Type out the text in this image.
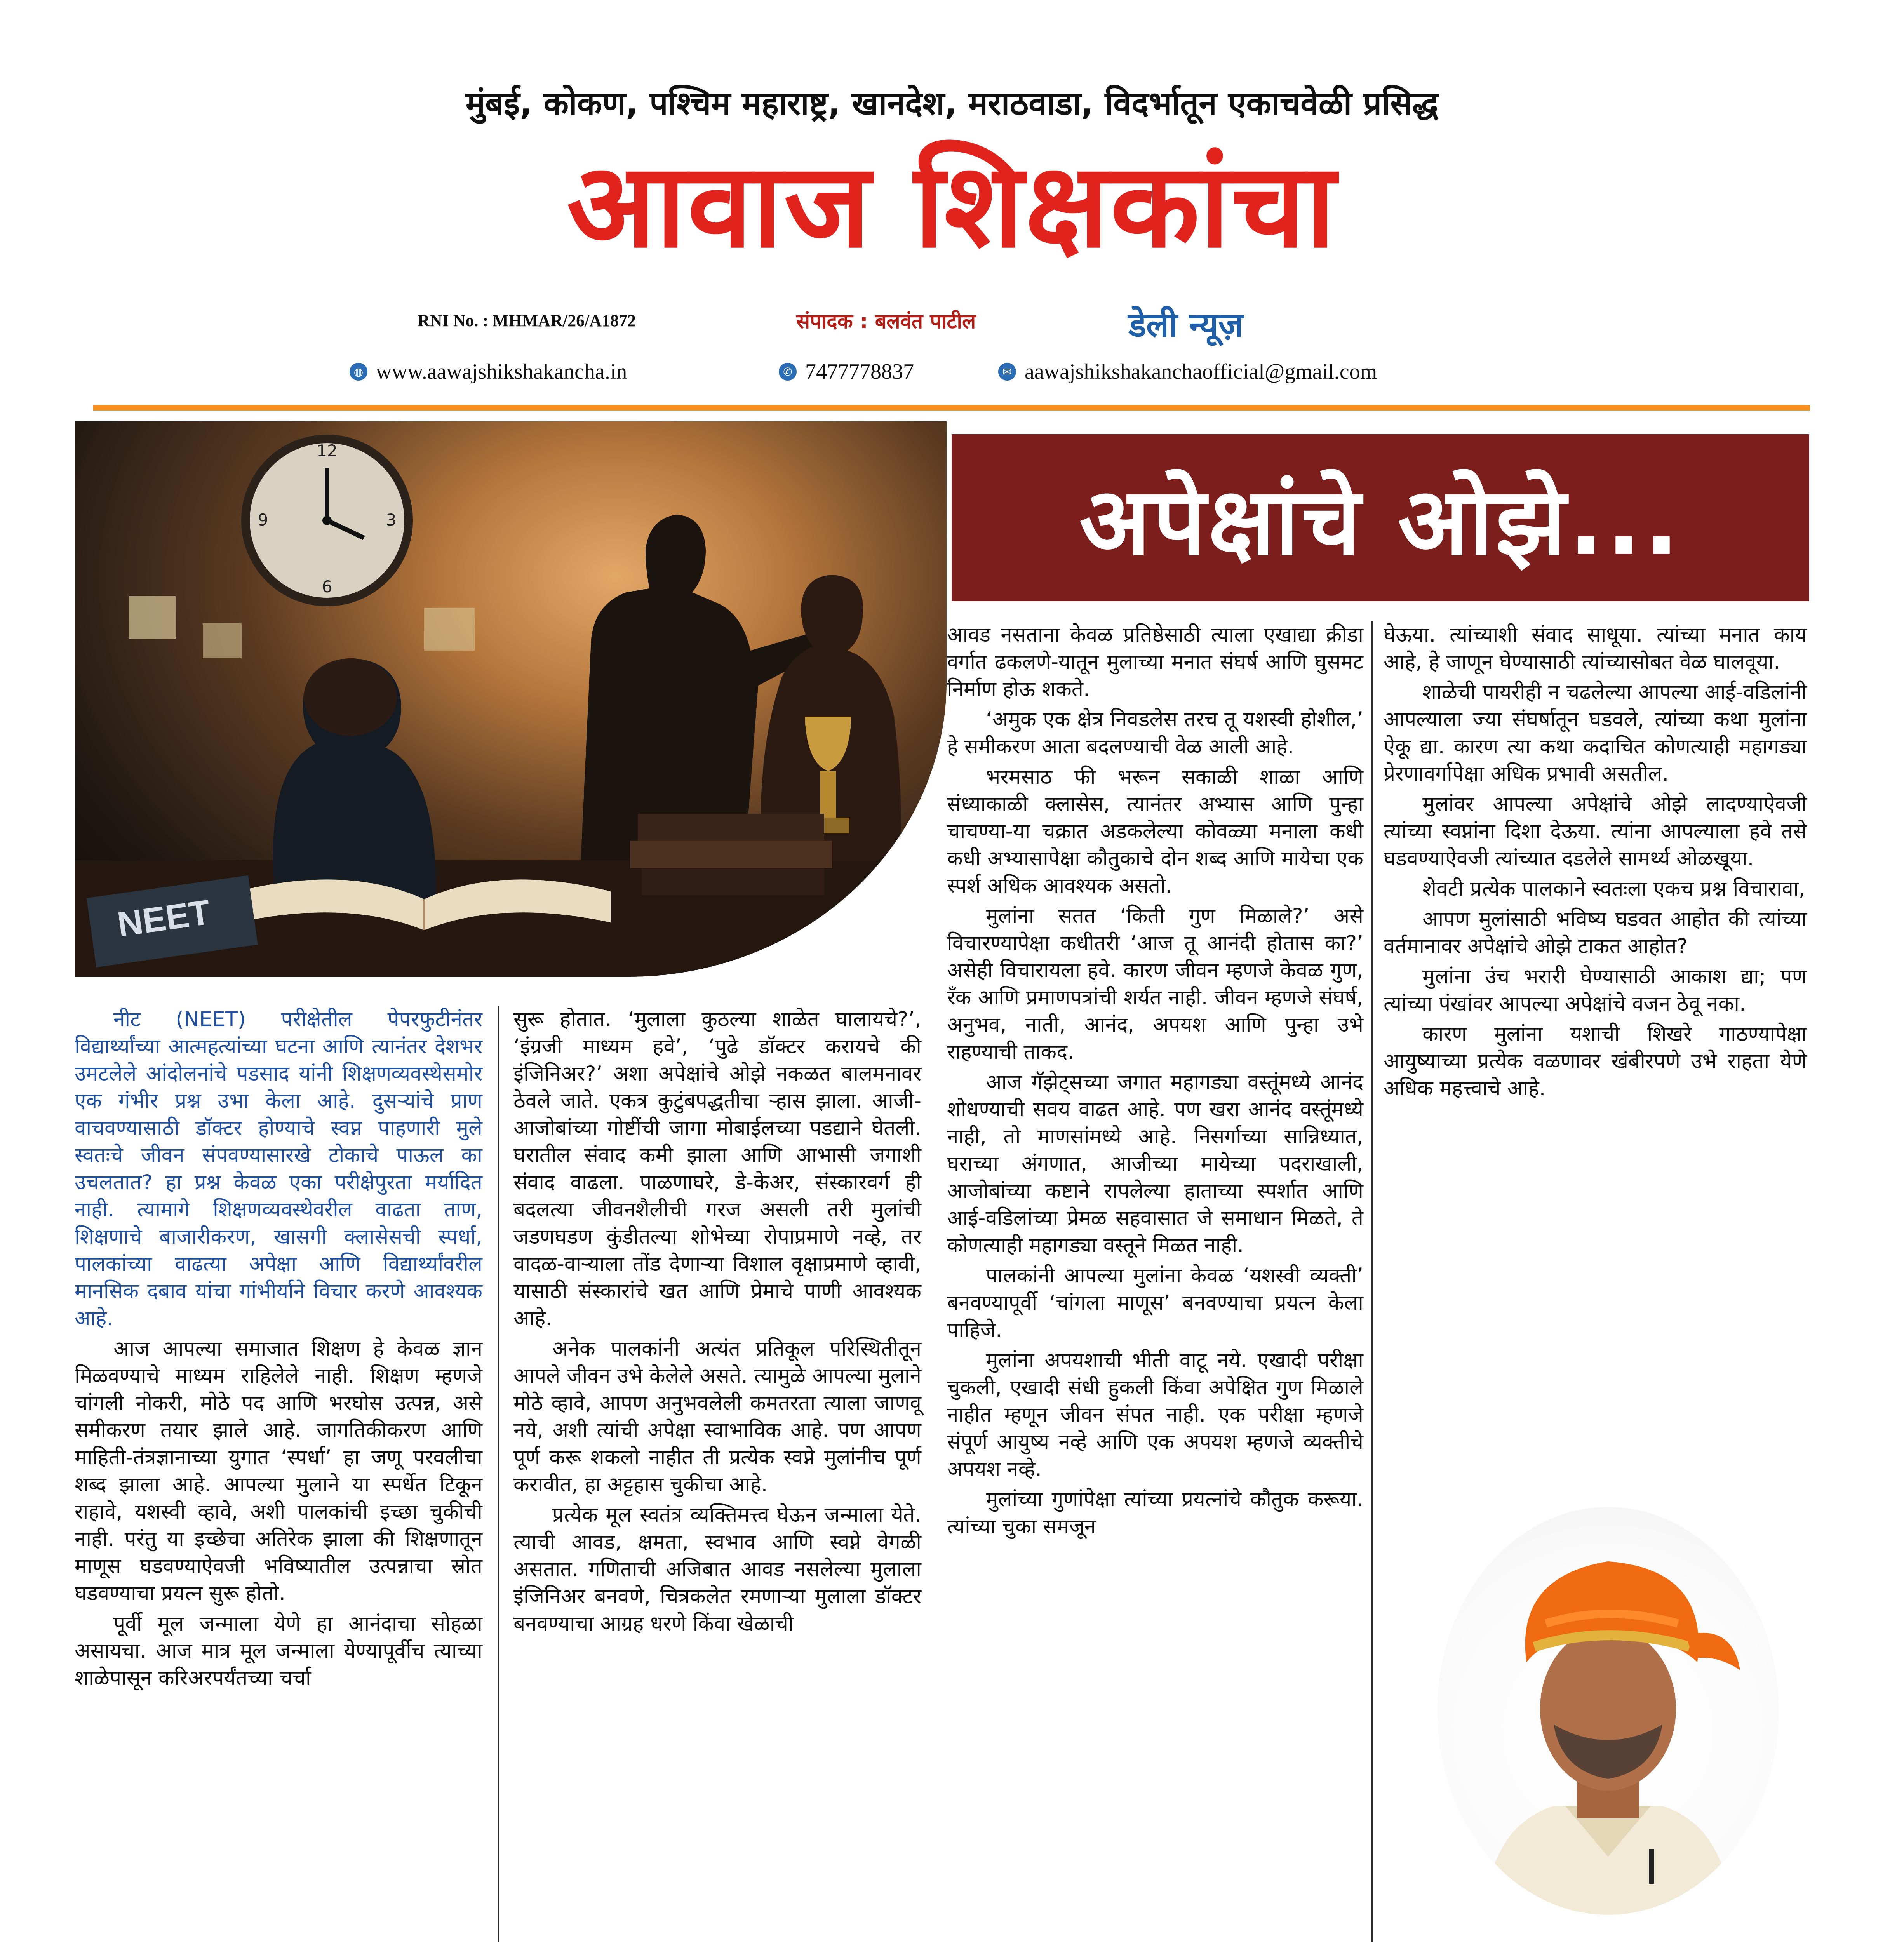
मुंबई, कोकण, पश्चिम महाराष्ट्र, खानदेश, मराठवाडा, विदर्भातून एकाचवेळी प्रसिद्ध
आवाज शिक्षकांचा
RNI No. : MHMAR/26/A1872	संपादक : बलवंत पाटील	डेली न्यूज़
◍ www.aawajshikshakancha.in	✆ 7477778837	✉ aawajshikshakanchaofficial@gmail.com
12
3
6
9
NEET
अपेक्षांचे ओझे...

नीट (NEET) परीक्षेतील पेपरफुटीनंतर विद्यार्थ्यांच्या आत्महत्यांच्या घटना आणि त्यानंतर देशभर उमटलेले आंदोलनांचे पडसाद यांनी शिक्षणव्यवस्थेसमोर एक गंभीर प्रश्न उभा केला आहे. दुसऱ्यांचे प्राण वाचवण्यासाठी डॉक्टर होण्याचे स्वप्न पाहणारी मुले स्वतःचे जीवन संपवण्यासारखे टोकाचे पाऊल का उचलतात? हा प्रश्न केवळ एका परीक्षेपुरता मर्यादित नाही. त्यामागे शिक्षणव्यवस्थेवरील वाढता ताण, शिक्षणाचे बाजारीकरण, खासगी क्लासेसची स्पर्धा, पालकांच्या वाढत्या अपेक्षा आणि विद्यार्थ्यांवरील मानसिक दबाव यांचा गांभीर्याने विचार करणे आवश्यक आहे.

आज आपल्या समाजात शिक्षण हे केवळ ज्ञान मिळवण्याचे माध्यम राहिलेले नाही. शिक्षण म्हणजे चांगली नोकरी, मोठे पद आणि भरघोस उत्पन्न, असे समीकरण तयार झाले आहे. जागतिकीकरण आणि माहिती-तंत्रज्ञानाच्या युगात ‘स्पर्धा’ हा जणू परवलीचा शब्द झाला आहे. आपल्या मुलाने या स्पर्धेत टिकून राहावे, यशस्वी व्हावे, अशी पालकांची इच्छा चुकीची नाही. परंतु या इच्छेचा अतिरेक झाला की शिक्षणातून माणूस घडवण्याऐवजी भविष्यातील उत्पन्नाचा स्रोत घडवण्याचा प्रयत्न सुरू होतो.

पूर्वी मूल जन्माला येणे हा आनंदाचा सोहळा असायचा. आज मात्र मूल जन्माला येण्यापूर्वीच त्याच्या शाळेपासून करिअरपर्यंतच्या चर्चा

सुरू होतात. ‘मुलाला कुठल्या शाळेत घालायचे?’, ‘इंग्रजी माध्यम हवे’, ‘पुढे डॉक्टर करायचे की इंजिनिअर?’ अशा अपेक्षांचे ओझे नकळत बालमनावर ठेवले जाते. एकत्र कुटुंबपद्धतीचा ऱ्हास झाला. आजी-आजोबांच्या गोष्टींची जागा मोबाईलच्या पडद्याने घेतली. घरातील संवाद कमी झाला आणि आभासी जगाशी संवाद वाढला. पाळणाघरे, डे-केअर, संस्कारवर्ग ही बदलत्या जीवनशैलीची गरज असली तरी मुलांची जडणघडण कुंडीतल्या शोभेच्या रोपाप्रमाणे नव्हे, तर वादळ-वाऱ्याला तोंड देणाऱ्या विशाल वृक्षाप्रमाणे व्हावी, यासाठी संस्कारांचे खत आणि प्रेमाचे पाणी आवश्यक आहे.

अनेक पालकांनी अत्यंत प्रतिकूल परिस्थितीतून आपले जीवन उभे केलेले असते. त्यामुळे आपल्या मुलाने मोठे व्हावे, आपण अनुभवलेली कमतरता त्याला जाणवू नये, अशी त्यांची अपेक्षा स्वाभाविक आहे. पण आपण पूर्ण करू शकलो नाहीत ती प्रत्येक स्वप्ने मुलांनीच पूर्ण करावीत, हा अट्टहास चुकीचा आहे.

प्रत्येक मूल स्वतंत्र व्यक्तिमत्त्व घेऊन जन्माला येते. त्याची आवड, क्षमता, स्वभाव आणि स्वप्ने वेगळी असतात. गणिताची अजिबात आवड नसलेल्या मुलाला इंजिनिअर बनवणे, चित्रकलेत रमणाऱ्या मुलाला डॉक्टर बनवण्याचा आग्रह धरणे किंवा खेळाची

आवड नसताना केवळ प्रतिष्ठेसाठी त्याला एखाद्या क्रीडा वर्गात ढकलणे-यातून मुलाच्या मनात संघर्ष आणि घुसमट निर्माण होऊ शकते.

‘अमुक एक क्षेत्र निवडलेस तरच तू यशस्वी होशील,’ हे समीकरण आता बदलण्याची वेळ आली आहे.

भरमसाठ फी भरून सकाळी शाळा आणि संध्याकाळी क्लासेस, त्यानंतर अभ्यास आणि पुन्हा चाचण्या-या चक्रात अडकलेल्या कोवळ्या मनाला कधी कधी अभ्यासापेक्षा कौतुकाचे दोन शब्द आणि मायेचा एक स्पर्श अधिक आवश्यक असतो.

मुलांना सतत ‘किती गुण मिळाले?’ असे विचारण्यापेक्षा कधीतरी ‘आज तू आनंदी होतास का?’ असेही विचारायला हवे. कारण जीवन म्हणजे केवळ गुण, रँक आणि प्रमाणपत्रांची शर्यत नाही. जीवन म्हणजे संघर्ष, अनुभव, नाती, आनंद, अपयश आणि पुन्हा उभे राहण्याची ताकद.

आज गॅझेट्सच्या जगात महागड्या वस्तूंमध्ये आनंद शोधण्याची सवय वाढत आहे. पण खरा आनंद वस्तूंमध्ये नाही, तो माणसांमध्ये आहे. निसर्गाच्या सान्निध्यात, घराच्या अंगणात, आजीच्या मायेच्या पदराखाली, आजोबांच्या कष्टाने रापलेल्या हाताच्या स्पर्शात आणि आई-वडिलांच्या प्रेमळ सहवासात जे समाधान मिळते, ते कोणत्याही महागड्या वस्तूने मिळत नाही.

पालकांनी आपल्या मुलांना केवळ ‘यशस्वी व्यक्ती’ बनवण्यापूर्वी ‘चांगला माणूस’ बनवण्याचा प्रयत्न केला पाहिजे.

मुलांना अपयशाची भीती वाटू नये. एखादी परीक्षा चुकली, एखादी संधी हुकली किंवा अपेक्षित गुण मिळाले नाहीत म्हणून जीवन संपत नाही. एक परीक्षा म्हणजे संपूर्ण आयुष्य नव्हे आणि एक अपयश म्हणजे व्यक्तीचे अपयश नव्हे.

मुलांच्या गुणांपेक्षा त्यांच्या प्रयत्नांचे कौतुक करूया. त्यांच्या चुका समजून

घेऊया. त्यांच्याशी संवाद साधूया. त्यांच्या मनात काय आहे, हे जाणून घेण्यासाठी त्यांच्यासोबत वेळ घालवूया.

शाळेची पायरीही न चढलेल्या आपल्या आई-वडिलांनी आपल्याला ज्या संघर्षातून घडवले, त्यांच्या कथा मुलांना ऐकू द्या. कारण त्या कथा कदाचित कोणत्याही महागड्या प्रेरणावर्गापेक्षा अधिक प्रभावी असतील.

मुलांवर आपल्या अपेक्षांचे ओझे लादण्याऐवजी त्यांच्या स्वप्नांना दिशा देऊया. त्यांना आपल्याला हवे तसे घडवण्याऐवजी त्यांच्यात दडलेले सामर्थ्य ओळखूया.

शेवटी प्रत्येक पालकाने स्वतःला एकच प्रश्न विचारावा,

आपण मुलांसाठी भविष्य घडवत आहोत की त्यांच्या वर्तमानावर अपेक्षांचे ओझे टाकत आहोत?

मुलांना उंच भरारी घेण्यासाठी आकाश द्या; पण त्यांच्या पंखांवर आपल्या अपेक्षांचे वजन ठेवू नका.

कारण मुलांना यशाची शिखरे गाठण्यापेक्षा आयुष्याच्या प्रत्येक वळणावर खंबीरपणे उभे राहता येणे अधिक महत्त्वाचे आहे.
